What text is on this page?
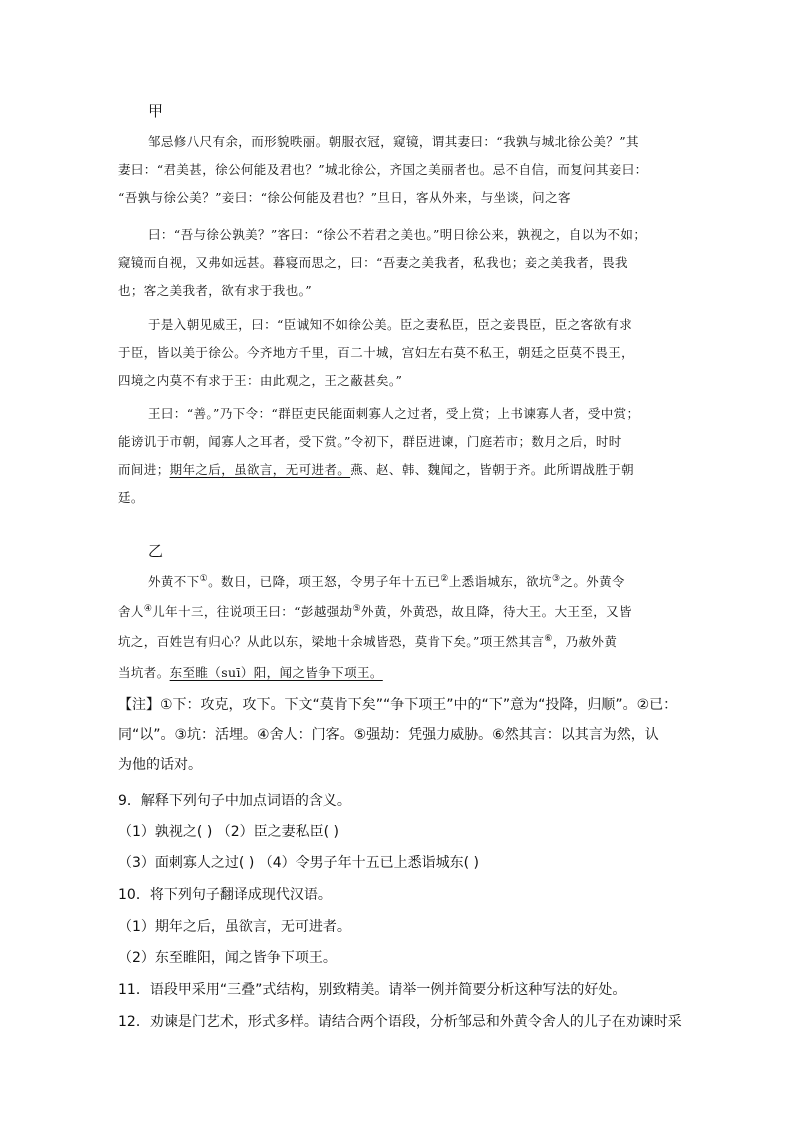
甲
邹忌修八尺有余，而形貌昳丽。朝服衣冠，窥镜，谓其妻曰：“我孰与城北徐公美？”其
妻曰：“君美甚，徐公何能及君也？”城北徐公，齐国之美丽者也。忌不自信，而复问其妾曰：
“吾孰与徐公美？”妾曰：“徐公何能及君也？”旦日，客从外来，与坐谈，问之客
曰：“吾与徐公孰美？”客曰：“徐公不若君之美也。”明日徐公来，孰视之，自以为不如；
窥镜而自视，又弗如远甚。暮寝而思之，曰：“吾妻之美我者，私我也；妾之美我者，畏我
也；客之美我者，欲有求于我也。”
于是入朝见威王，曰：“臣诚知不如徐公美。臣之妻私臣，臣之妾畏臣，臣之客欲有求
于臣，皆以美于徐公。今齐地方千里，百二十城，宫妇左右莫不私王，朝廷之臣莫不畏王，
四境之内莫不有求于王：由此观之，王之蔽甚矣。”
王曰：“善。”乃下令：“群臣吏民能面刺寡人之过者，受上赏；上书谏寡人者，受中赏；
能谤讥于市朝，闻寡人之耳者，受下赏。”令初下，群臣进谏，门庭若市；数月之后，时时
而间进；期年之后，虽欲言，无可进者。燕、赵、韩、魏闻之，皆朝于齐。此所谓战胜于朝
廷。
乙
外黄不下①。数日，已降，项王怒，令男子年十五已②上悉诣城东，欲坑③之。外黄令
舍人④儿年十三，往说项王曰：“彭越强劫⑤外黄，外黄恐，故且降，待大王。大王至，又皆
坑之，百姓岂有归心？从此以东，梁地十余城皆恐，莫肯下矣。”项王然其言⑥，乃赦外黄
当坑者。东至睢（suī）阳，闻之皆争下项王。
【注】①下：攻克，攻下。下文“莫肯下矣”“争下项王”中的“下”意为“投降，归顺”。②已：
同“以”。③坑：活埋。④舍人：门客。⑤强劫：凭强力威胁。⑥然其言：以其言为然，认
为他的话对。
9．解释下列句子中加点词语的含义。
（1）孰视之( ) （2）臣之妻私臣( )
（3）面刺寡人之过( ) （4）令男子年十五已上悉诣城东( )
10．将下列句子翻译成现代汉语。
（1）期年之后，虽欲言，无可进者。
（2）东至睢阳，闻之皆争下项王。
11．语段甲采用“三叠”式结构，别致精美。请举一例并简要分析这种写法的好处。
12．劝谏是门艺术，形式多样。请结合两个语段，分析邹忌和外黄令舍人的儿子在劝谏时采
